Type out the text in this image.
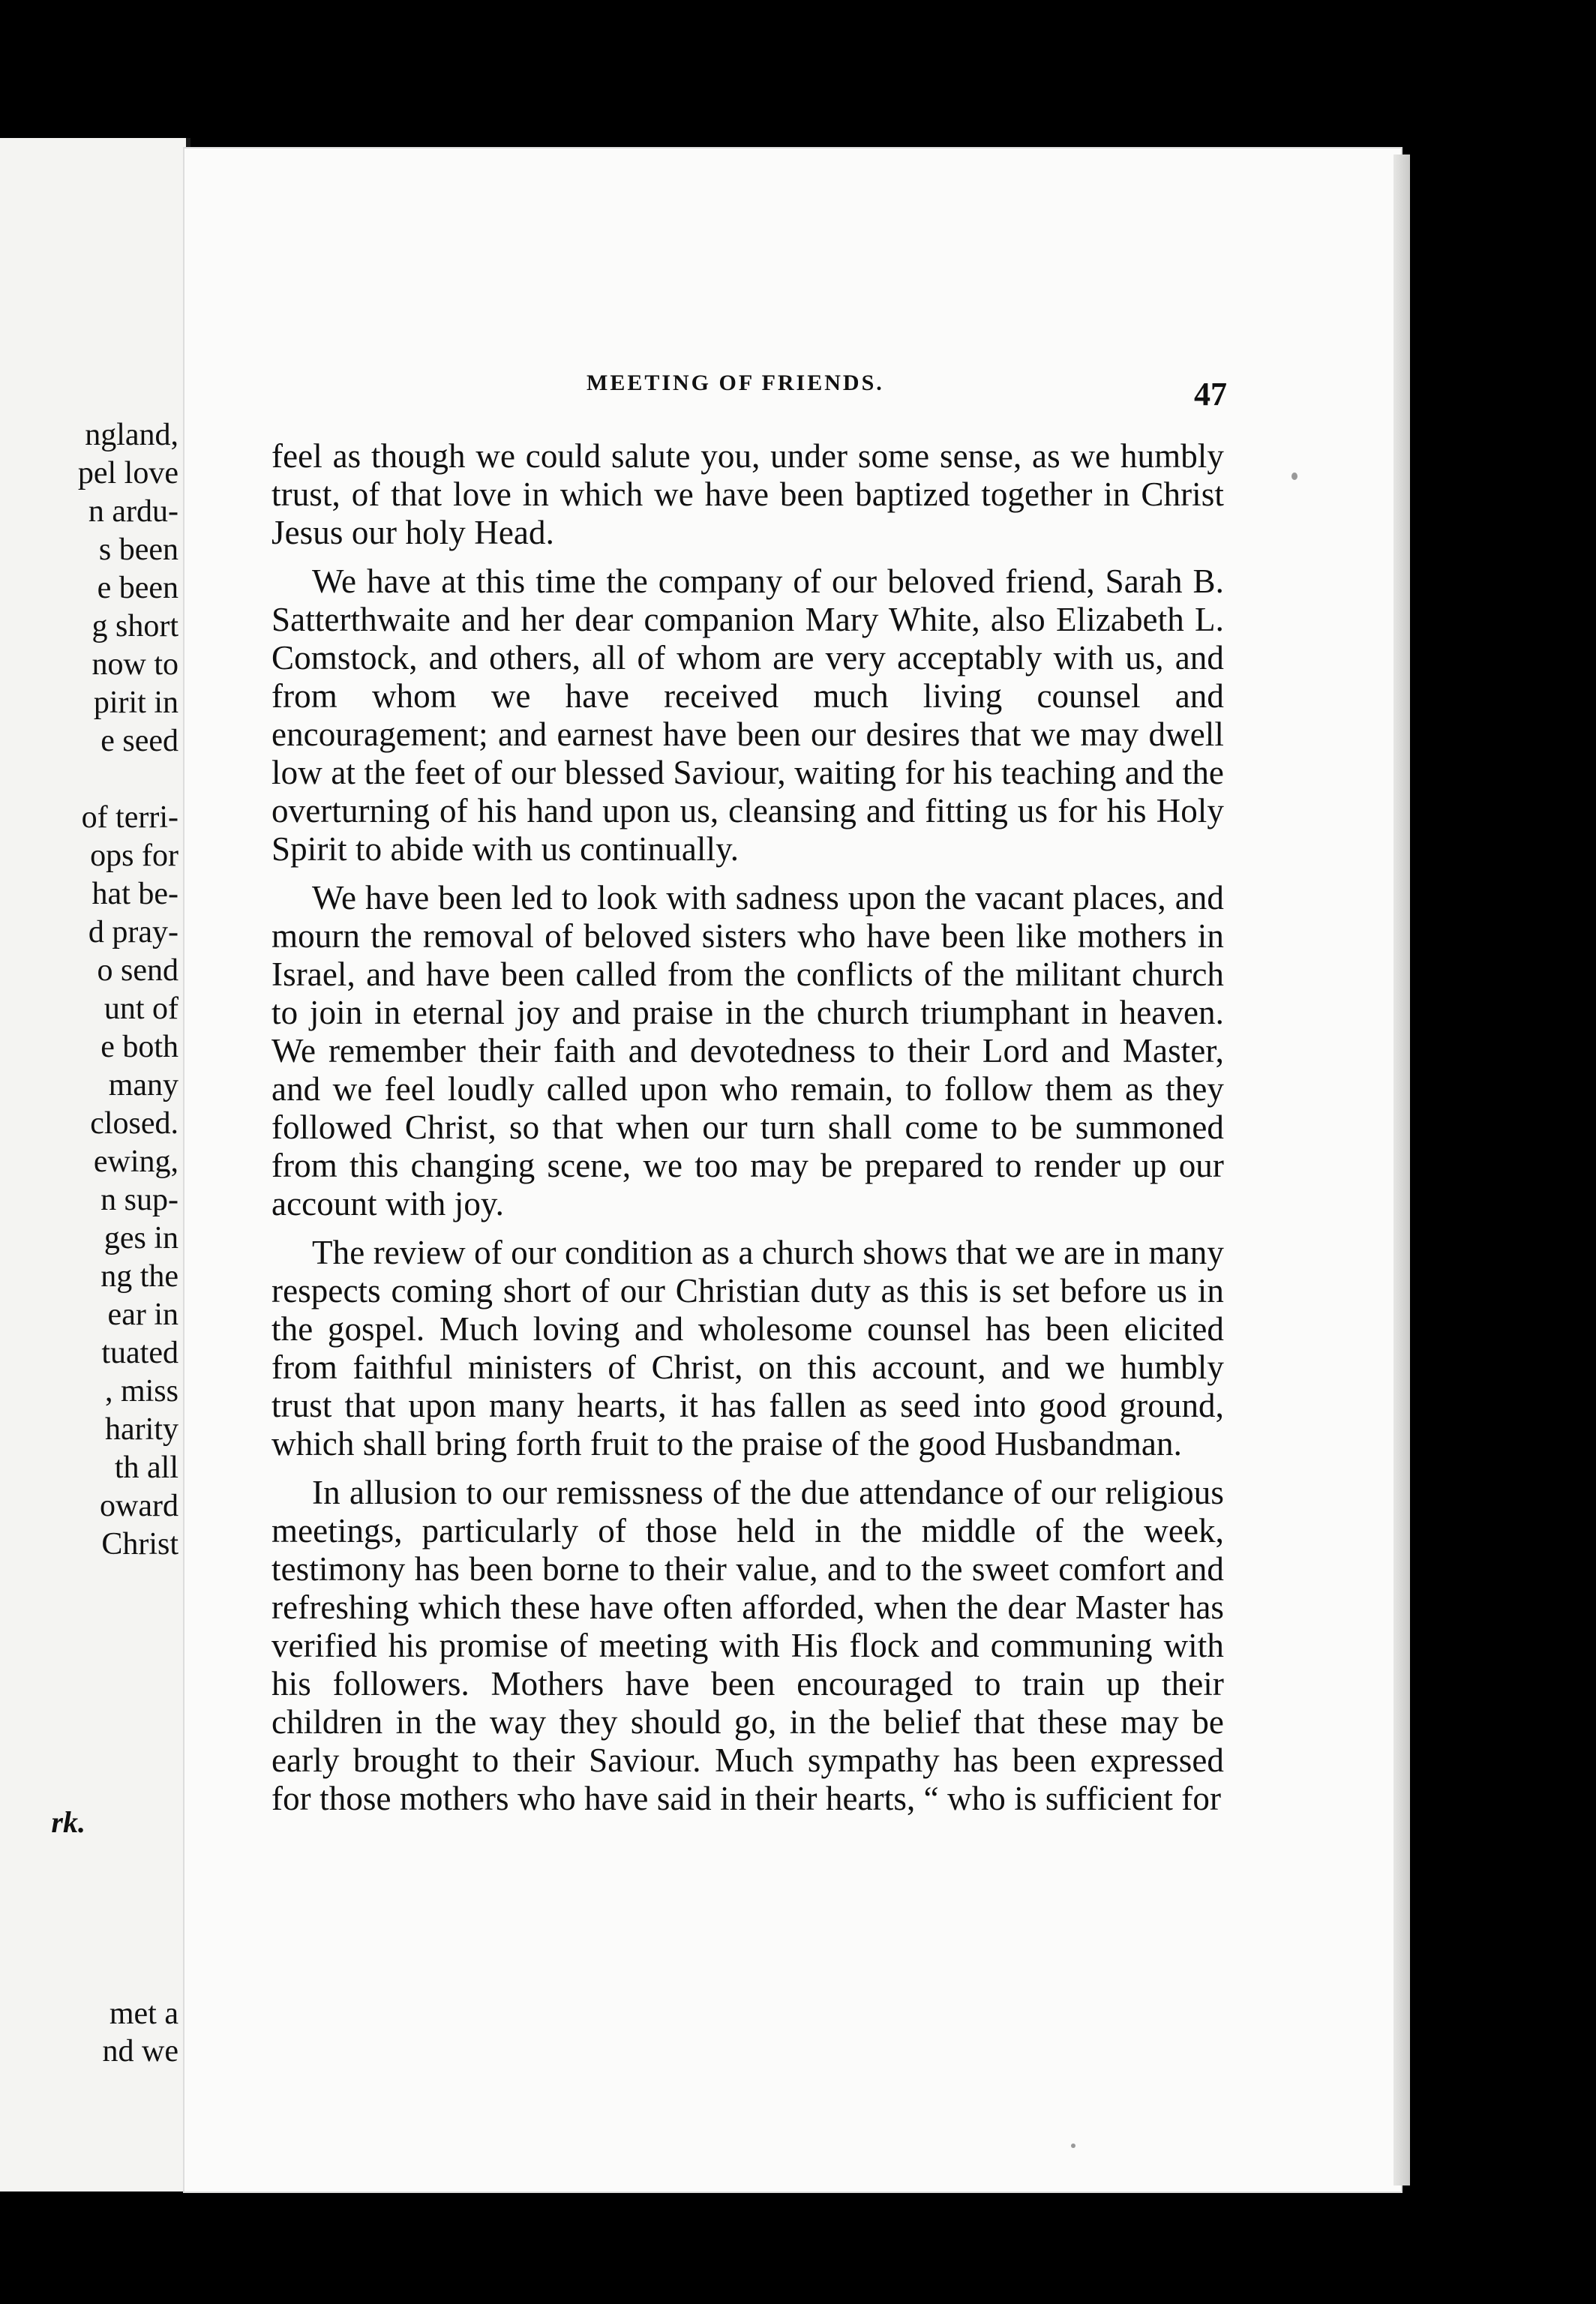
ngland,
pel love
n ardu-
s been
e been
g short
now to
pirit in
e seed
of terri-
ops for
hat be-
d pray-
o send
unt of
e both
many
closed.
ewing,
n sup-
ges in
ng the
ear in
tuated
, miss
harity
th all
oward
Christ
rk.
met a
nd we
MEETING OF FRIENDS.	47

feel as though we could salute you, under some sense, as we humbly trust, of that love in which we have been baptized together in Christ Jesus our holy Head.

We have at this time the company of our beloved friend, Sarah B. Satterthwaite and her dear companion Mary White, also Elizabeth L. Comstock, and others, all of whom are very acceptably with us, and from whom we have received much living counsel and encouragement; and earnest have been our desires that we may dwell low at the feet of our blessed Saviour, waiting for his teaching and the overturning of his hand upon us, cleansing and fitting us for his Holy Spirit to abide with us continually.

We have been led to look with sadness upon the vacant places, and mourn the removal of beloved sisters who have been like mothers in Israel, and have been called from the conflicts of the militant church to join in eternal joy and praise in the church triumphant in heaven. We remember their faith and devotedness to their Lord and Master, and we feel loudly called upon who remain, to follow them as they followed Christ, so that when our turn shall come to be summoned from this changing scene, we too may be prepared to render up our account with joy.

The review of our condition as a church shows that we are in many respects coming short of our Christian duty as this is set before us in the gospel. Much loving and wholesome counsel has been elicited from faithful ministers of Christ, on this account, and we humbly trust that upon many hearts, it has fallen as seed into good ground, which shall bring forth fruit to the praise of the good Husbandman.

In allusion to our remissness of the due attendance of our religious meetings, particularly of those held in the middle of the week, testimony has been borne to their value, and to the sweet comfort and refreshing which these have often afforded, when the dear Master has verified his promise of meeting with His flock and communing with his followers. Mothers have been encouraged to train up their children in the way they should go, in the belief that these may be early brought to their Saviour. Much sympathy has been expressed for those mothers who have said in their hearts, “ who is sufficient for
